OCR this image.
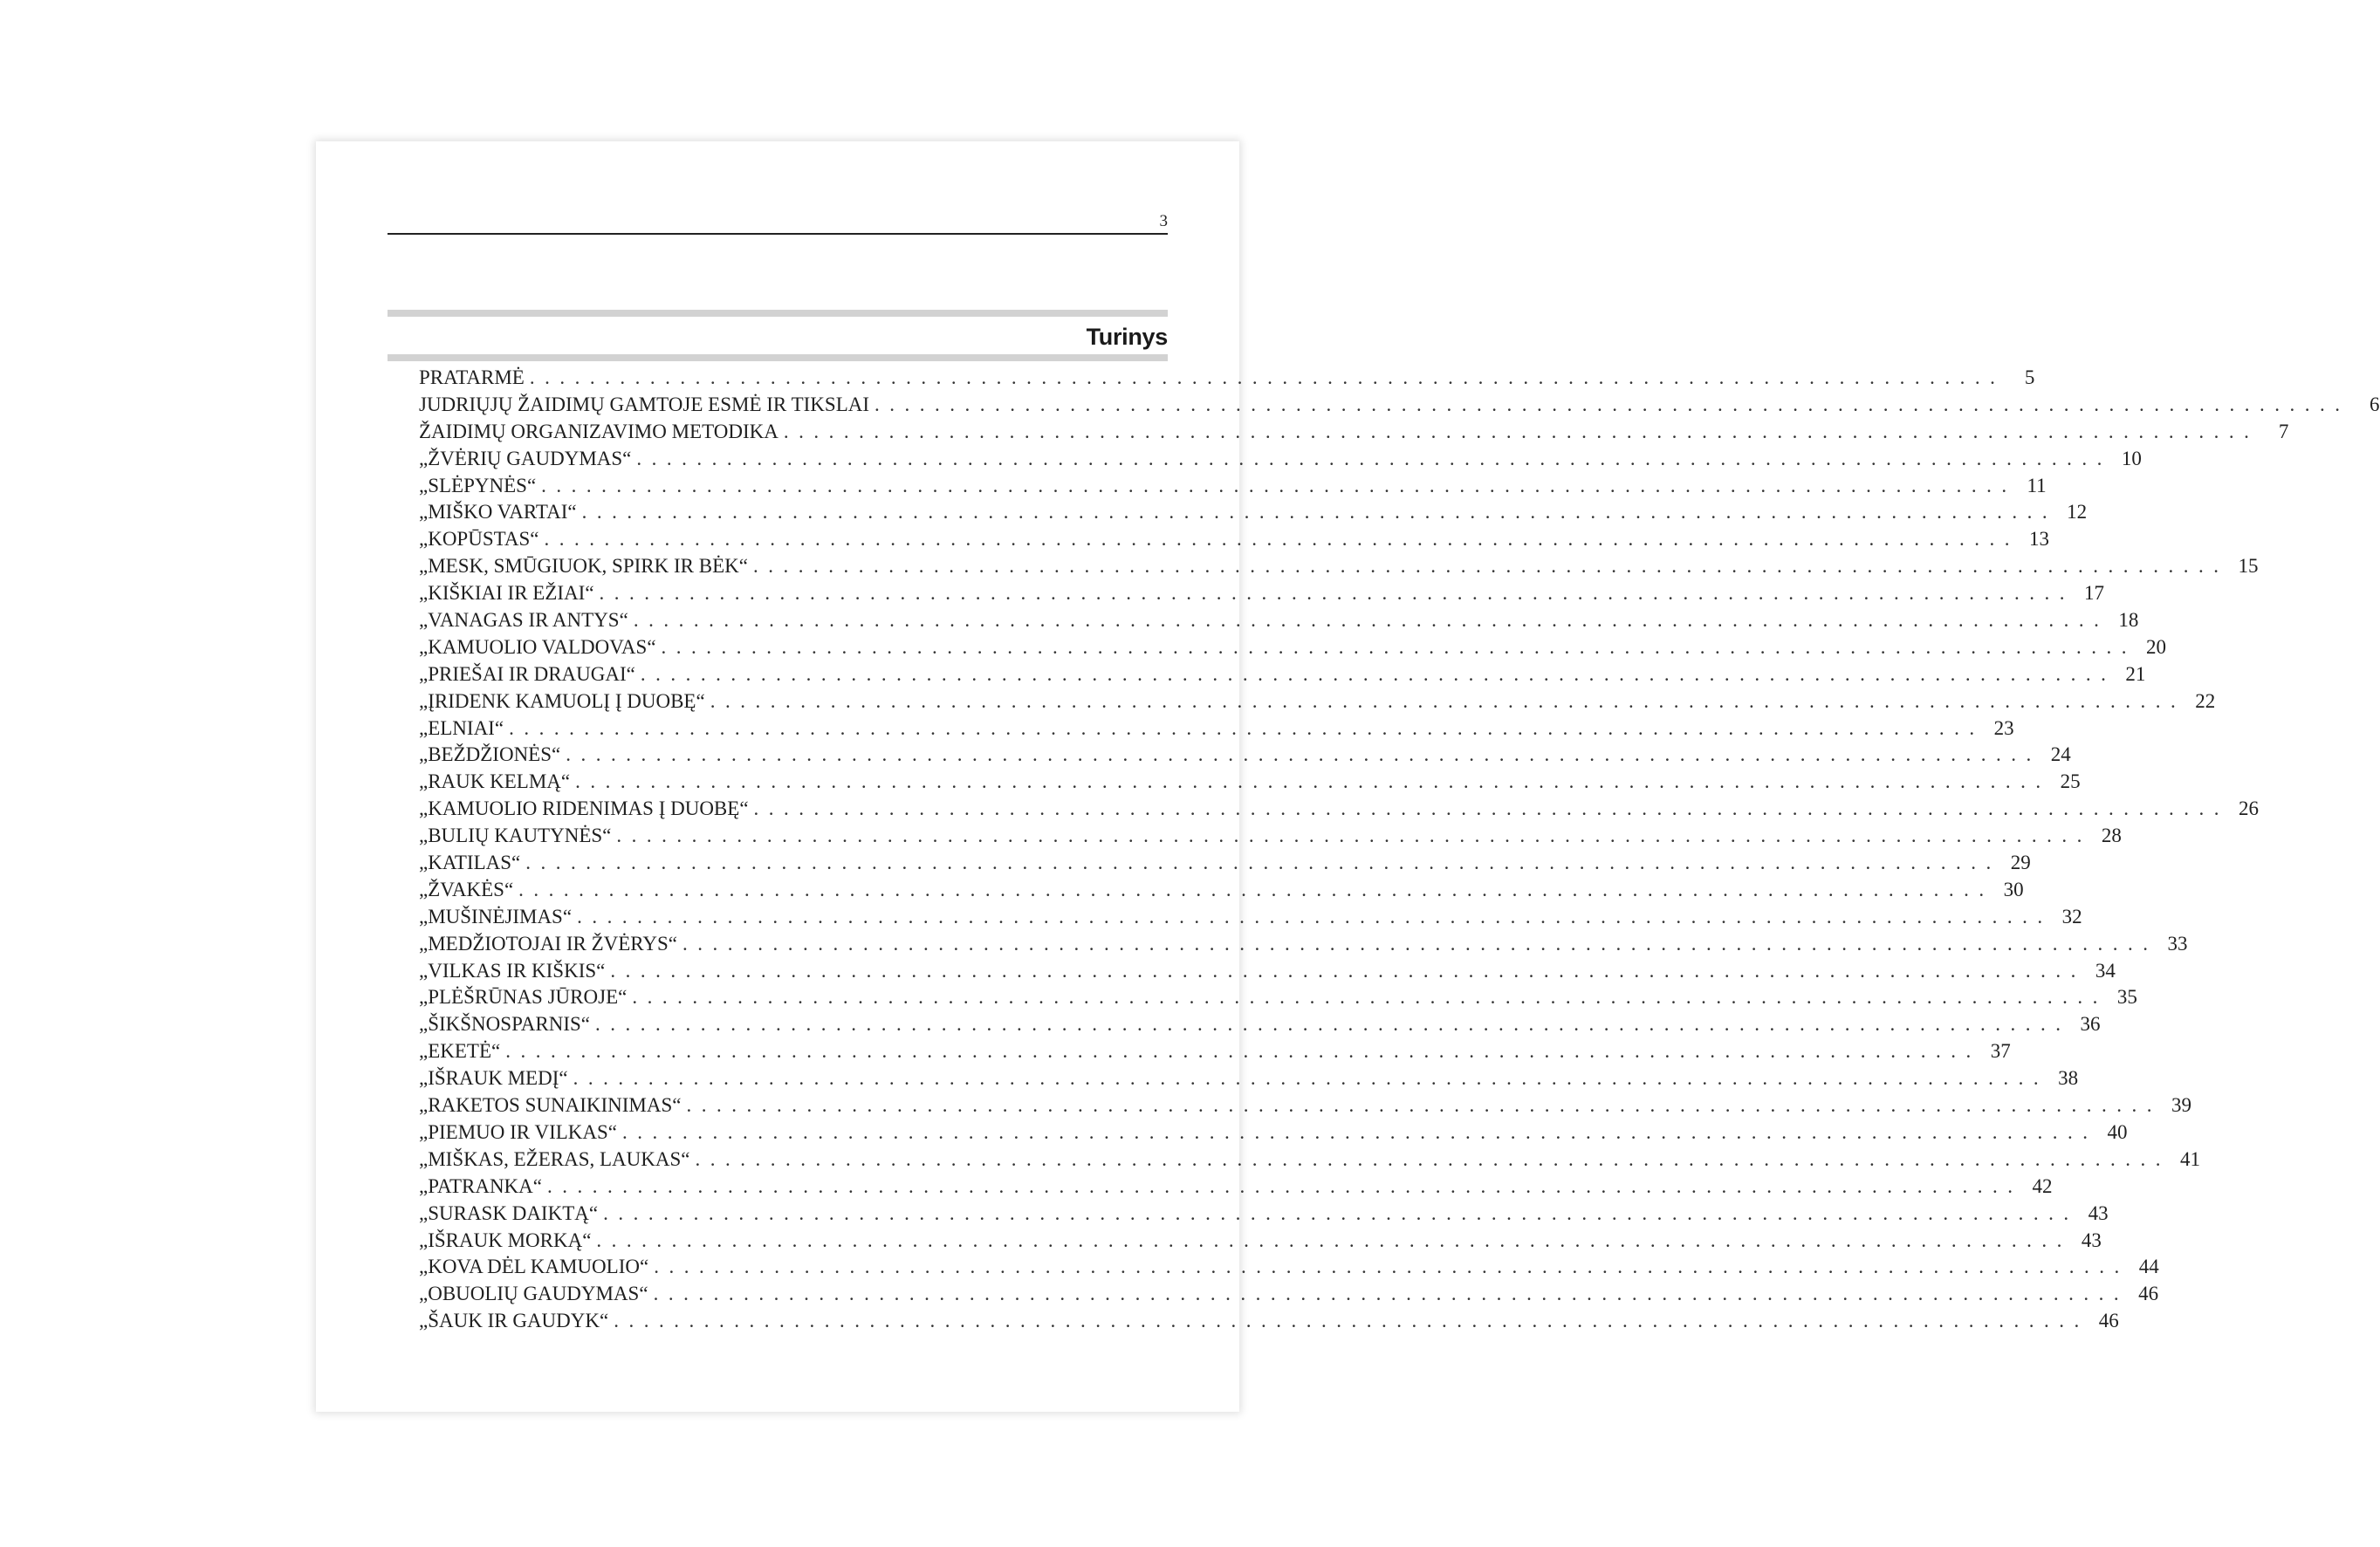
3
Turinys
PRATARMĖ .................................................................................................. 5
JUDRIŲJŲ ŽAIDIMŲ GAMTOJE ESMĖ IR TIKSLAI .................................................................................................. 6
ŽAIDIMŲ ORGANIZAVIMO METODIKA .................................................................................................. 7
„ŽVĖRIŲ GAUDYMAS“ .................................................................................................. 10
„SLĖPYNĖS“ .................................................................................................. 11
„MIŠKO VARTAI“ .................................................................................................. 12
„KOPŪSTAS“ .................................................................................................. 13
„MESK, SMŪGIUOK, SPIRK IR BĖK“ .................................................................................................. 15
„KIŠKIAI IR EŽIAI“ .................................................................................................. 17
„VANAGAS IR ANTYS“ .................................................................................................. 18
„KAMUOLIO VALDOVAS“ .................................................................................................. 20
„PRIEŠAI IR DRAUGAI“ .................................................................................................. 21
„ĮRIDENK KAMUOLĮ Į DUOBĘ“ .................................................................................................. 22
„ELNIAI“ .................................................................................................. 23
„BEŽDŽIONĖS“ .................................................................................................. 24
„RAUK KELMĄ“ .................................................................................................. 25
„KAMUOLIO RIDENIMAS Į DUOBĘ“ .................................................................................................. 26
„BULIŲ KAUTYNĖS“ .................................................................................................. 28
„KATILAS“ .................................................................................................. 29
„ŽVAKĖS“ .................................................................................................. 30
„MUŠINĖJIMAS“ .................................................................................................. 32
„MEDŽIOTOJAI IR ŽVĖRYS“ .................................................................................................. 33
„VILKAS IR KIŠKIS“ .................................................................................................. 34
„PLĖŠRŪNAS JŪROJE“ .................................................................................................. 35
„ŠIKŠNOSPARNIS“ .................................................................................................. 36
„EKETĖ“ .................................................................................................. 37
„IŠRAUK MEDĮ“ .................................................................................................. 38
„RAKETOS SUNAIKINIMAS“ .................................................................................................. 39
„PIEMUO IR VILKAS“ .................................................................................................. 40
„MIŠKAS, EŽERAS, LAUKAS“ .................................................................................................. 41
„PATRANKA“ .................................................................................................. 42
„SURASK DAIKTĄ“ .................................................................................................. 43
„IŠRAUK MORKĄ“ .................................................................................................. 43
„KOVA DĖL KAMUOLIO“ .................................................................................................. 44
„OBUOLIŲ GAUDYMAS“ .................................................................................................. 46
„ŠAUK IR GAUDYK“ .................................................................................................. 46
